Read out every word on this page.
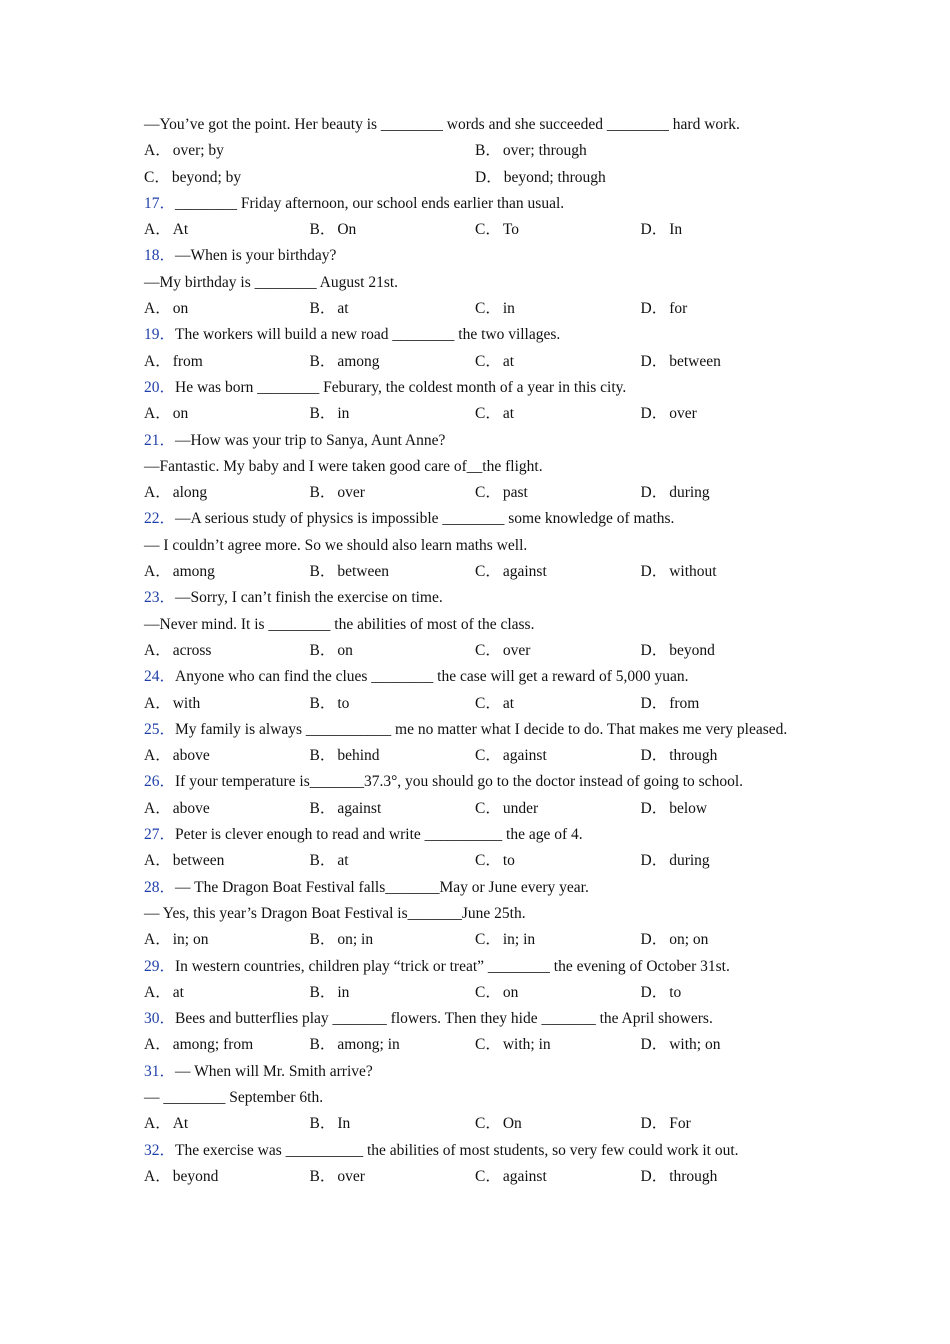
—You’ve got the point. Her beauty is ________ words and she succeeded ________ hard work.
A． over; by	B． over; through
C． beyond; by	D． beyond; through
17．________ Friday afternoon, our school ends earlier than usual.
A． At	B． On	C． To	D． In
18．—When is your birthday?
—My birthday is ________ August 21st.
A． on	B． at	C． in	D． for
19．The workers will build a new road ________ the two villages.
A． from	B． among	C． at	D． between
20．He was born ________ Feburary, the coldest month of a year in this city.
A． on	B． in	C． at	D． over
21．—How was your trip to Sanya, Aunt Anne?
—Fantastic. My baby and I were taken good care of__the flight.
A． along	B． over	C． past	D． during
22．—A serious study of physics is impossible ________ some knowledge of maths.
— I couldn’t agree more. So we should also learn maths well.
A． among	B． between	C． against	D． without
23．—Sorry, I can’t finish the exercise on time.
—Never mind. It is ________ the abilities of most of the class.
A． across	B． on	C． over	D． beyond
24．Anyone who can find the clues ________ the case will get a reward of 5,000 yuan.
A． with	B． to	C． at	D． from
25．My family is always ___________ me no matter what I decide to do. That makes me very pleased.
A． above	B． behind	C． against	D． through
26．If your temperature is_______37.3°, you should go to the doctor instead of going to school.
A． above	B． against	C． under	D． below
27．Peter is clever enough to read and write __________ the age of 4.
A． between	B． at	C． to	D． during
28．— The Dragon Boat Festival falls_______May or June every year.
— Yes, this year’s Dragon Boat Festival is_______June 25th.
A． in; on	B． on; in	C． in; in	D． on; on
29．In western countries, children play “trick or treat” ________ the evening of October 31st.
A． at	B． in	C． on	D． to
30．Bees and butterflies play _______ flowers. Then they hide _______ the April showers.
A． among; from	B． among; in	C． with; in	D． with; on
31．— When will Mr. Smith arrive?
— ________ September 6th.
A． At	B． In	C． On	D． For
32．The exercise was __________ the abilities of most students, so very few could work it out.
A． beyond	B． over	C． against	D． through
